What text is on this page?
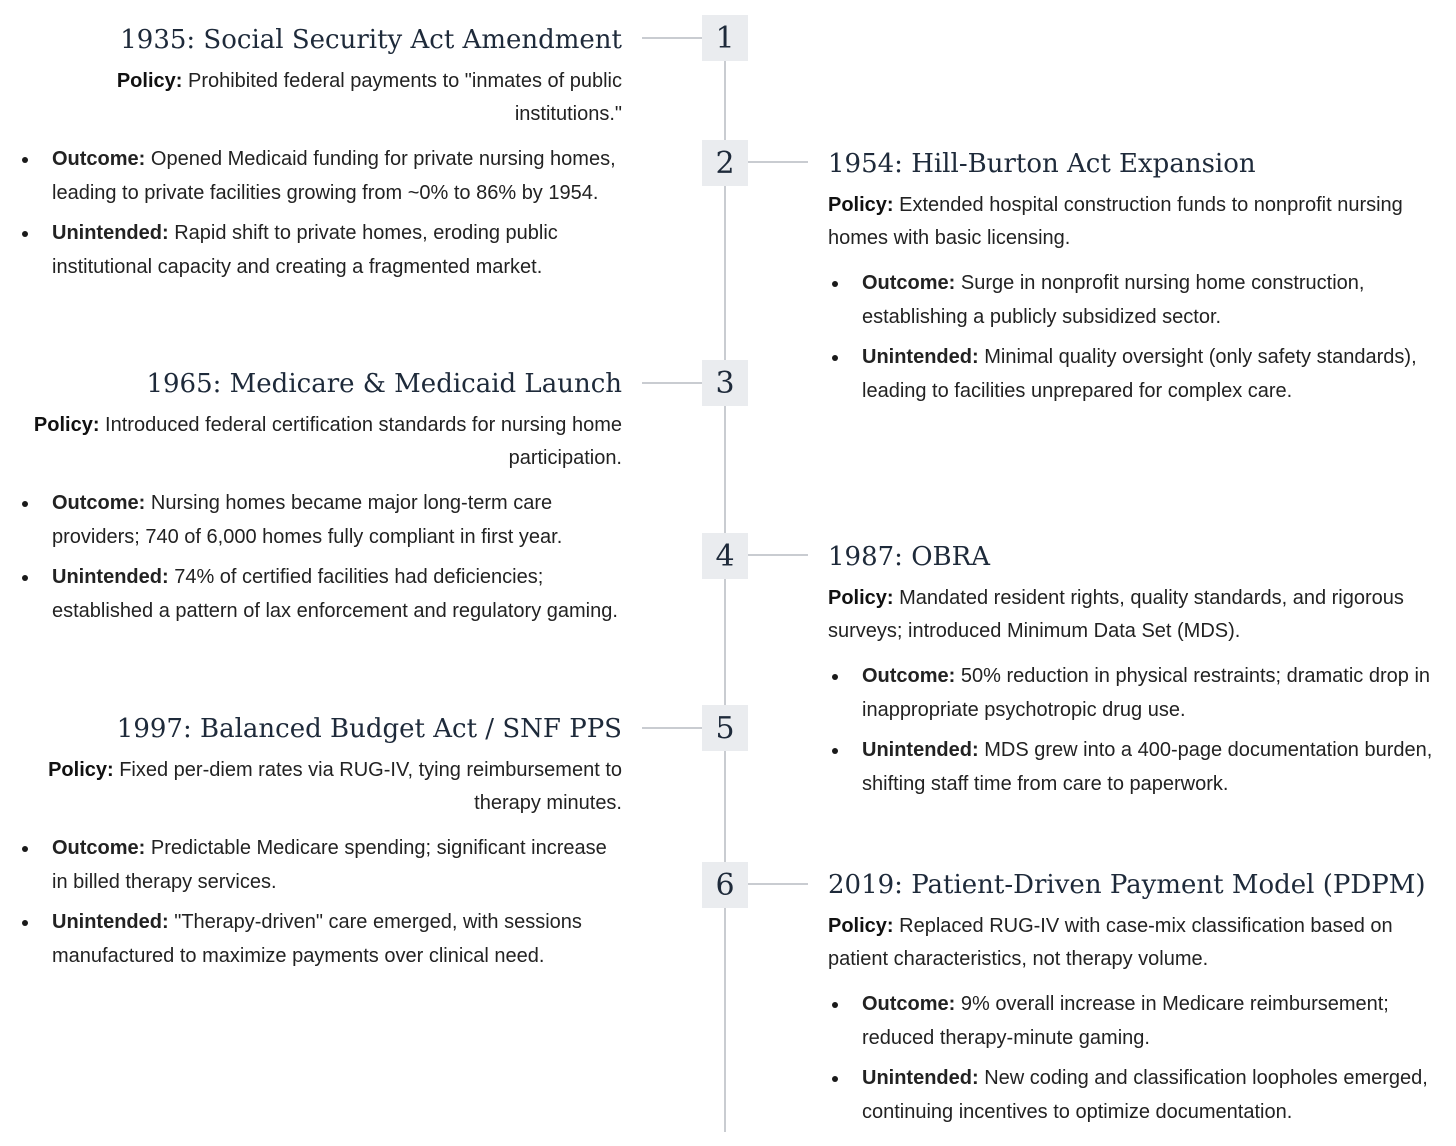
1
2
3
4
5
6
1935: Social Security Act Amendment
Policy: Prohibited federal payments to "inmates of public institutions."
Outcome: Opened Medicaid funding for private nursing homes, leading to private facilities growing from ~0% to 86% by 1954.
Unintended: Rapid shift to private homes, eroding public institutional capacity and creating a fragmented market.
1954: Hill-Burton Act Expansion
Policy: Extended hospital construction funds to nonprofit nursing homes with basic licensing.
Outcome: Surge in nonprofit nursing home construction, establishing a publicly subsidized sector.
Unintended: Minimal quality oversight (only safety standards), leading to facilities unprepared for complex care.
1965: Medicare & Medicaid Launch
Policy: Introduced federal certification standards for nursing home participation.
Outcome: Nursing homes became major long-term care providers; 740 of 6,000 homes fully compliant in first year.
Unintended: 74% of certified facilities had deficiencies; established a pattern of lax enforcement and regulatory gaming.
1987: OBRA
Policy: Mandated resident rights, quality standards, and rigorous surveys; introduced Minimum Data Set (MDS).
Outcome: 50% reduction in physical restraints; dramatic drop in inappropriate psychotropic drug use.
Unintended: MDS grew into a 400-page documentation burden, shifting staff time from care to paperwork.
1997: Balanced Budget Act / SNF PPS
Policy: Fixed per-diem rates via RUG-IV, tying reimbursement to therapy minutes.
Outcome: Predictable Medicare spending; significant increase in billed therapy services.
Unintended: "Therapy-driven" care emerged, with sessions manufactured to maximize payments over clinical need.
2019: Patient-Driven Payment Model (PDPM)
Policy: Replaced RUG-IV with case-mix classification based on patient characteristics, not therapy volume.
Outcome: 9% overall increase in Medicare reimbursement; reduced therapy-minute gaming.
Unintended: New coding and classification loopholes emerged, continuing incentives to optimize documentation.
